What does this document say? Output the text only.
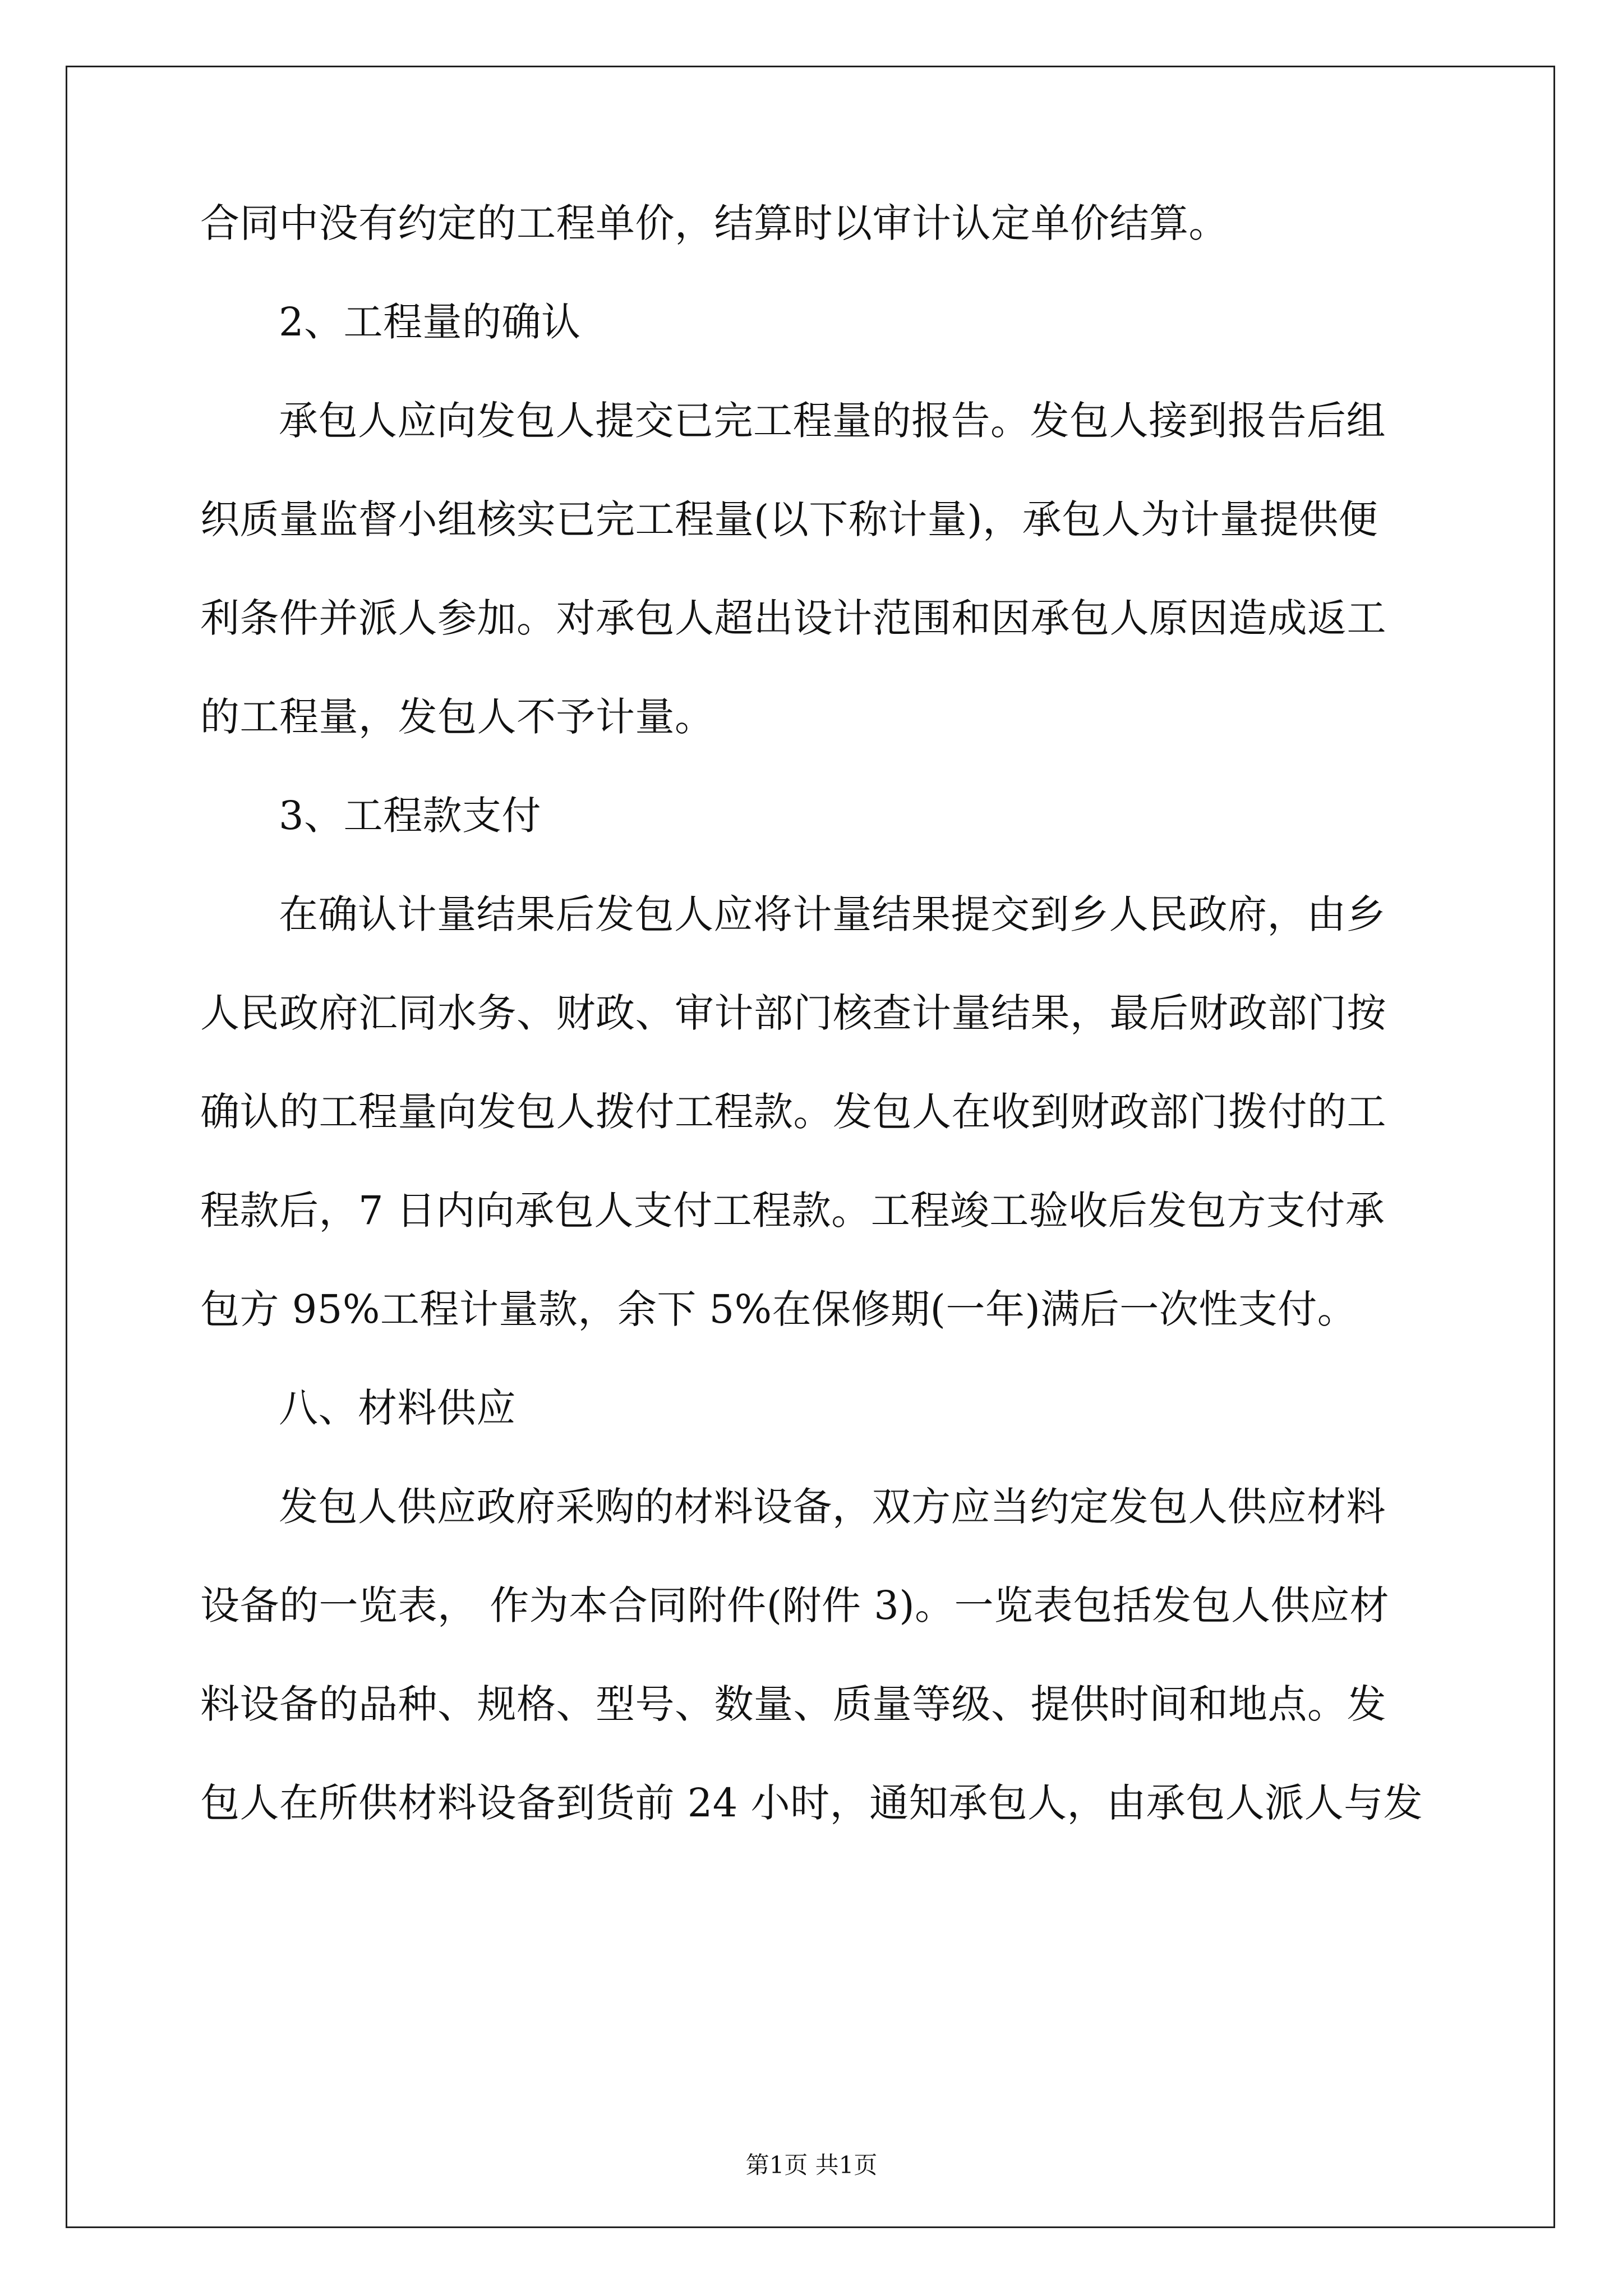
合同中没有约定的工程单价，结算时以审计认定单价结算。
2、工程量的确认
承包人应向发包人提交已完工程量的报告。发包人接到报告后组
织质量监督小组核实已完工程量(以下称计量)，承包人为计量提供便
利条件并派人参加。对承包人超出设计范围和因承包人原因造成返工
的工程量，发包人不予计量。
3、工程款支付
在确认计量结果后发包人应将计量结果提交到乡人民政府，由乡
人民政府汇同水务、财政、审计部门核查计量结果，最后财政部门按
确认的工程量向发包人拨付工程款。发包人在收到财政部门拨付的工
程款后，7 日内向承包人支付工程款。工程竣工验收后发包方支付承
包方 95%工程计量款，余下 5%在保修期(一年)满后一次性支付。
八、材料供应
发包人供应政府采购的材料设备，双方应当约定发包人供应材料
设备的一览表， 作为本合同附件(附件 3)。一览表包括发包人供应材
料设备的品种、规格、型号、数量、质量等级、提供时间和地点。发
包人在所供材料设备到货前 24 小时，通知承包人，由承包人派人与发
第1页 共1页
